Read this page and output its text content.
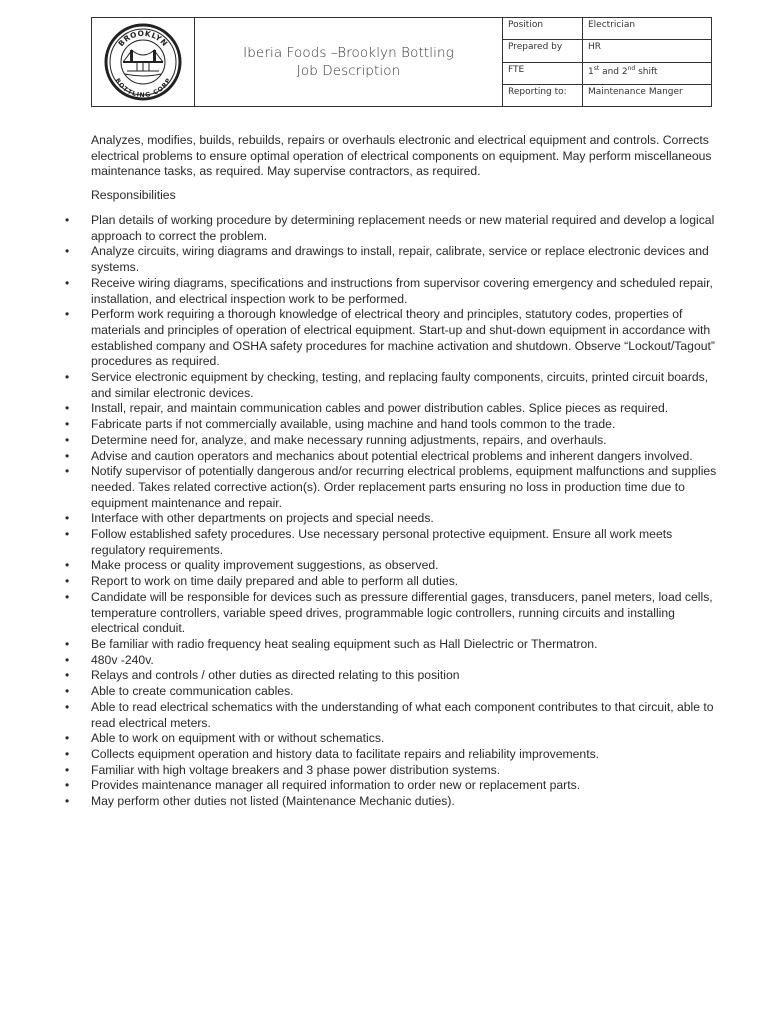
BROOKLYN
BOTTLING CORP
Iberia Foods –Brooklyn Bottling
Job Description
Position	Electrician
Prepared by	HR
FTE	1st and 2nd shift
Reporting to:	Maintenance Manger

Analyzes, modifies, builds, rebuilds, repairs or overhauls electronic and electrical equipment and controls. Corrects electrical problems to ensure optimal operation of electrical components on equipment. May perform miscellaneous maintenance tasks, as required. May supervise contractors, as required.

Responsibilities

• Plan details of working procedure by determining replacement needs or new material required and develop a logical approach to correct the problem.
• Analyze circuits, wiring diagrams and drawings to install, repair, calibrate, service or replace electronic devices and systems.
• Receive wiring diagrams, specifications and instructions from supervisor covering emergency and scheduled repair, installation, and electrical inspection work to be performed.
• Perform work requiring a thorough knowledge of electrical theory and principles, statutory codes, properties of materials and principles of operation of electrical equipment. Start-up and shut-down equipment in accordance with established company and OSHA safety procedures for machine activation and shutdown. Observe “Lockout/Tagout” procedures as required.
• Service electronic equipment by checking, testing, and replacing faulty components, circuits, printed circuit boards, and similar electronic devices.
• Install, repair, and maintain communication cables and power distribution cables. Splice pieces as required.
• Fabricate parts if not commercially available, using machine and hand tools common to the trade.
• Determine need for, analyze, and make necessary running adjustments, repairs, and overhauls.
• Advise and caution operators and mechanics about potential electrical problems and inherent dangers involved.
• Notify supervisor of potentially dangerous and/or recurring electrical problems, equipment malfunctions and supplies needed. Takes related corrective action(s). Order replacement parts ensuring no loss in production time due to equipment maintenance and repair.
• Interface with other departments on projects and special needs.
• Follow established safety procedures. Use necessary personal protective equipment. Ensure all work meets regulatory requirements.
• Make process or quality improvement suggestions, as observed.
• Report to work on time daily prepared and able to perform all duties.
• Candidate will be responsible for devices such as pressure differential gages, transducers, panel meters, load cells, temperature controllers, variable speed drives, programmable logic controllers, running circuits and installing electrical conduit.
• Be familiar with radio frequency heat sealing equipment such as Hall Dielectric or Thermatron.
• 480v -240v.
• Relays and controls / other duties as directed relating to this position
• Able to create communication cables.
• Able to read electrical schematics with the understanding of what each component contributes to that circuit, able to read electrical meters.
• Able to work on equipment with or without schematics.
• Collects equipment operation and history data to facilitate repairs and reliability improvements.
• Familiar with high voltage breakers and 3 phase power distribution systems.
• Provides maintenance manager all required information to order new or replacement parts.
• May perform other duties not listed (Maintenance Mechanic duties).
